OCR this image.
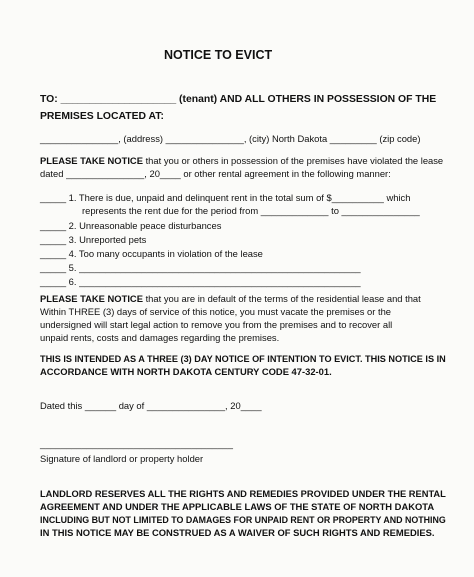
NOTICE TO EVICT
TO: ____________________ (tenant) AND ALL OTHERS IN POSSESSION OF THE
PREMISES LOCATED AT:
_______________, (address) _______________, (city) North Dakota _________ (zip code)
PLEASE TAKE NOTICE that you or others in possession of the premises have violated the lease
dated _______________, 20____ or other rental agreement in the following manner:
_____ 1. There is due, unpaid and delinquent rent in the total sum of $__________ which
represents the rent due for the period from _____________ to _______________
_____ 2. Unreasonable peace disturbances
_____ 3. Unreported pets
_____ 4. Too many occupants in violation of the lease
_____ 5. ______________________________________________________
_____ 6. ______________________________________________________
PLEASE TAKE NOTICE that you are in default of the terms of the residential lease and that
Within THREE (3) days of service of this notice, you must vacate the premises or the
undersigned will start legal action to remove you from the premises and to recover all
unpaid rents, costs and damages regarding the premises.
THIS IS INTENDED AS A THREE (3) DAY NOTICE OF INTENTION TO EVICT. THIS NOTICE IS IN
ACCORDANCE WITH NORTH DAKOTA CENTURY CODE 47-32-01.
Dated this ______ day of _______________, 20____
_____________________________________
Signature of landlord or property holder
LANDLORD RESERVES ALL THE RIGHTS AND REMEDIES PROVIDED UNDER THE RENTAL
AGREEMENT AND UNDER THE APPLICABLE LAWS OF THE STATE OF NORTH DAKOTA
INCLUDING BUT NOT LIMITED TO DAMAGES FOR UNPAID RENT OR PROPERTY AND NOTHING
IN THIS NOTICE MAY BE CONSTRUED AS A WAIVER OF SUCH RIGHTS AND REMEDIES.
